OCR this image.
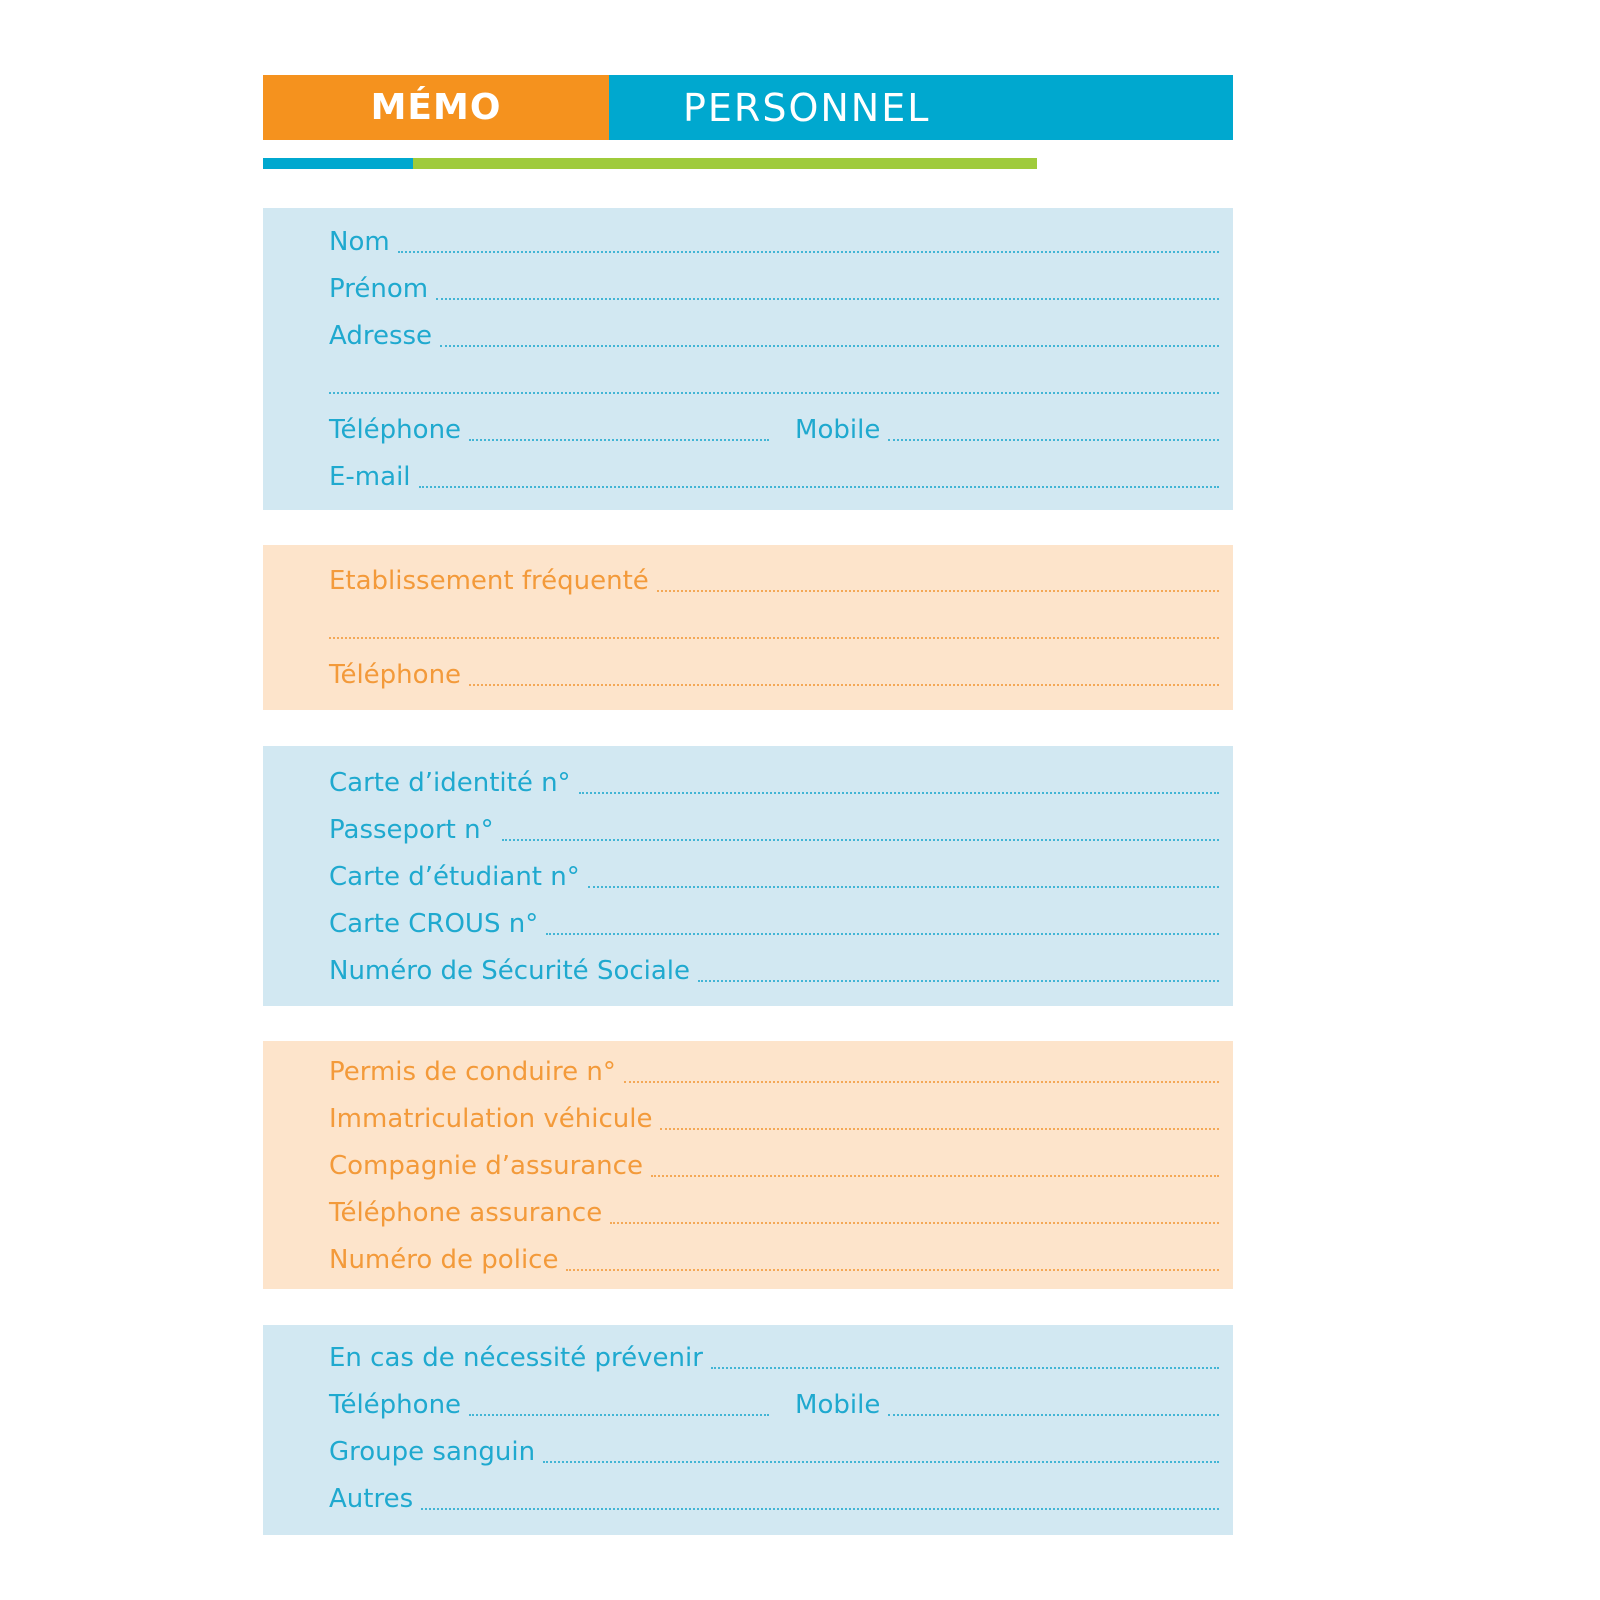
MÉMO	PERSONNEL
Nom
Prénom
Adresse
Téléphone	Mobile
E-mail
Etablissement fréquenté
Téléphone
Carte d’identité n°
Passeport n°
Carte d’étudiant n°
Carte CROUS n°
Numéro de Sécurité Sociale
Permis de conduire n°
Immatriculation véhicule
Compagnie d’assurance
Téléphone assurance
Numéro de police
En cas de nécessité prévenir
Téléphone	Mobile
Groupe sanguin
Autres
